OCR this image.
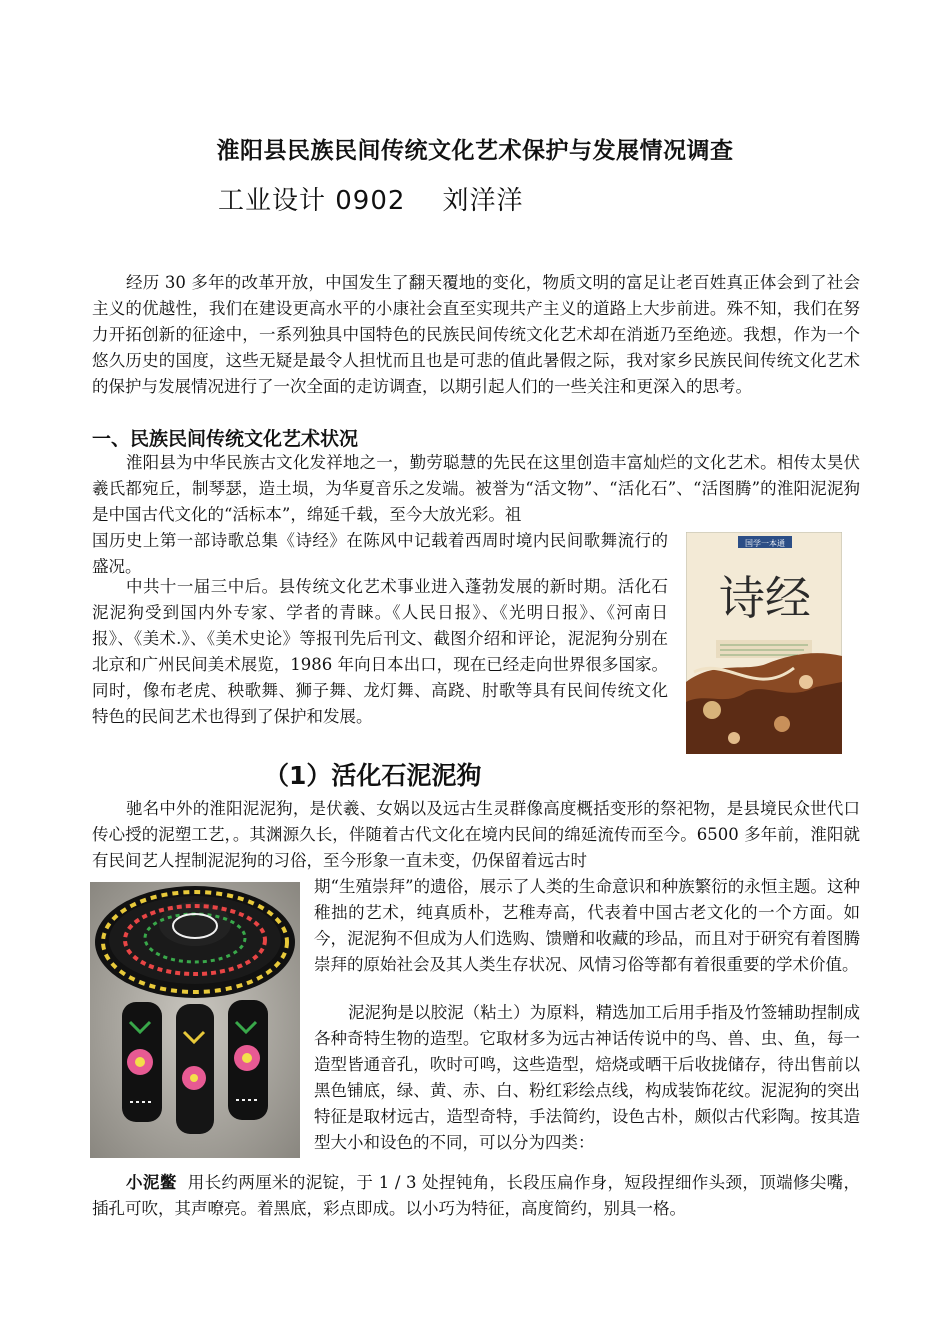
淮阳县民族民间传统文化艺术保护与发展情况调查
工业设计 0902    刘洋洋

经历 30 多年的改革开放，中国发生了翻天覆地的变化，物质文明的富足让老百姓真正体会到了社会主义的优越性，我们在建设更高水平的小康社会直至实现共产主义的道路上大步前进。殊不知，我们在努力开拓创新的征途中，一系列独具中国特色的民族民间传统文化艺术却在消逝乃至绝迹。我想，作为一个悠久历史的国度，这些无疑是最令人担忧而且也是可悲的值此暑假之际，我对家乡民族民间传统文化艺术的保护与发展情况进行了一次全面的走访调查，以期引起人们的一些关注和更深入的思考。

一、民族民间传统文化艺术状况

淮阳县为中华民族古文化发祥地之一，勤劳聪慧的先民在这里创造丰富灿烂的文化艺术。相传太昊伏羲氏都宛丘，制琴瑟，造土埙，为华夏音乐之发端。被誉为“活文物”、“活化石”、“活图腾”的淮阳泥泥狗是中国古代文化的“活标本”，绵延千载，至今大放光彩。祖

国历史上第一部诗歌总集《诗经》在陈风中记载着西周时境内民间歌舞流行的盛况。

中共十一届三中后。县传统文化艺术事业进入蓬勃发展的新时期。活化石泥泥狗受到国内外专家、学者的青睐。《人民日报》、《光明日报》、《河南日报》、《美术.》、《美术史论》等报刊先后刊文、截图介绍和评论，泥泥狗分别在北京和广州民间美术展览，1986 年向日本出口，现在已经走向世界很多国家。同时，像布老虎、秧歌舞、狮子舞、龙灯舞、高跷、肘歌等具有民间传统文化特色的民间艺术也得到了保护和发展。

国学一本通
诗经
（1）活化石泥泥狗

驰名中外的淮阳泥泥狗，是伏羲、女娲以及远古生灵群像高度概括变形的祭祀物，是县境民众世代口传心授的泥塑工艺，。其渊源久长，伴随着古代文化在境内民间的绵延流传而至今。6500 多年前，淮阳就有民间艺人捏制泥泥狗的习俗，至今形象一直未变，仍保留着远古时

期“生殖崇拜”的遗俗，展示了人类的生命意识和种族繁衍的永恒主题。这种稚拙的艺术，纯真质朴，艺稚寿高，代表着中国古老文化的一个方面。如今，泥泥狗不但成为人们选购、馈赠和收藏的珍品，而且对于研究有着图腾崇拜的原始社会及其人类生存状况、风情习俗等都有着很重要的学术价值。

泥泥狗是以胶泥（粘土）为原料，精选加工后用手指及竹签辅助捏制成各种奇特生物的造型。它取材多为远古神话传说中的鸟、兽、虫、鱼，每一造型皆通音孔，吹时可鸣，这些造型，焙烧或晒干后收拢储存，待出售前以黑色铺底，绿、黄、赤、白、粉红彩绘点线，构成装饰花纹。泥泥狗的突出特征是取材远古，造型奇特，手法简约，设色古朴，颇似古代彩陶。按其造型大小和设色的不同，可以分为四类：

小泥鳖 用长约两厘米的泥锭，于 1 / 3 处捏钝角，长段压扁作身，短段捏细作头颈，顶端修尖嘴，插孔可吹，其声嘹亮。着黑底，彩点即成。以小巧为特征，高度简约，别具一格。
